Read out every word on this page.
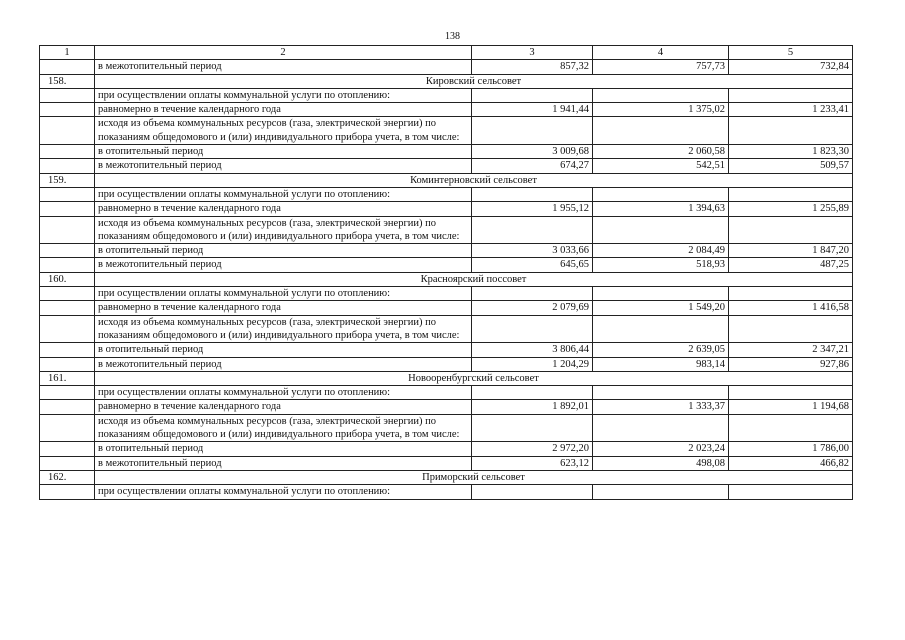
138
1	2	3	4	5
	в межотопительный период	857,32	757,73	732,84
158.	Кировский сельсовет			
	при осуществлении оплаты коммунальной услуги по отоплению:			
	равномерно в течение календарного года	1 941,44	1 375,02	1 233,41
	исходя из объема коммунальных ресурсов (газа, электрической энергии) по показаниям общедомового и (или) индивидуального прибора учета, в том числе:			
	в отопительный период	3 009,68	2 060,58	1 823,30
	в межотопительный период	674,27	542,51	509,57
159.	Коминтерновский сельсовет			
	при осуществлении оплаты коммунальной услуги по отоплению:			
	равномерно в течение календарного года	1 955,12	1 394,63	1 255,89
	исходя из объема коммунальных ресурсов (газа, электрической энергии) по показаниям общедомового и (или) индивидуального прибора учета, в том числе:			
	в отопительный период	3 033,66	2 084,49	1 847,20
	в межотопительный период	645,65	518,93	487,25
160.	Красноярский поссовет			
	при осуществлении оплаты коммунальной услуги по отоплению:			
	равномерно в течение календарного года	2 079,69	1 549,20	1 416,58
	исходя из объема коммунальных ресурсов (газа, электрической энергии) по показаниям общедомового и (или) индивидуального прибора учета, в том числе:			
	в отопительный период	3 806,44	2 639,05	2 347,21
	в межотопительный период	1 204,29	983,14	927,86
161.	Новооренбургский сельсовет			
	при осуществлении оплаты коммунальной услуги по отоплению:			
	равномерно в течение календарного года	1 892,01	1 333,37	1 194,68
	исходя из объема коммунальных ресурсов (газа, электрической энергии) по показаниям общедомового и (или) индивидуального прибора учета, в том числе:			
	в отопительный период	2 972,20	2 023,24	1 786,00
	в межотопительный период	623,12	498,08	466,82
162.	Приморский сельсовет			
	при осуществлении оплаты коммунальной услуги по отоплению:			
